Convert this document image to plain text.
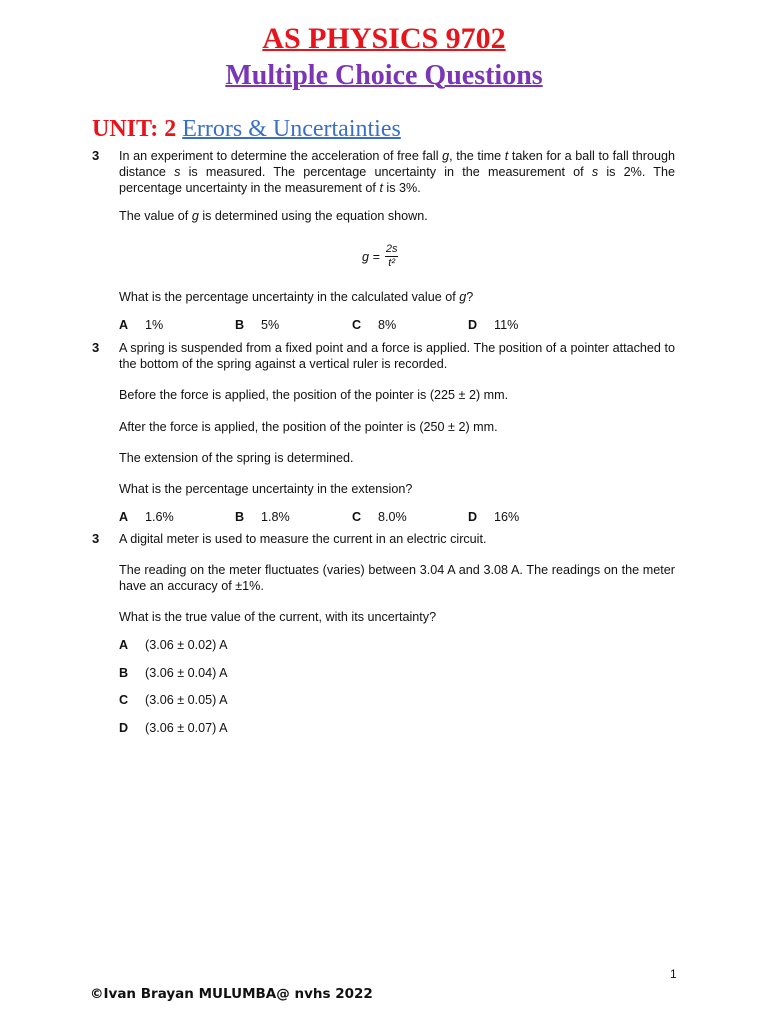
AS PHYSICS 9702
Multiple Choice Questions
UNIT: 2 Errors & Uncertainties
3 In an experiment to determine the acceleration of free fall g, the time t taken for a ball to fall through distance s is measured. The percentage uncertainty in the measurement of s is 2%. The percentage uncertainty in the measurement of t is 3%.
The value of g is determined using the equation shown.
$g = \frac{2s}{\text{t²}}$
What is the percentage uncertainty in the calculated value of g?
A 1%	B 5%	C 8%	D 11%
3 A spring is suspended from a fixed point and a force is applied. The position of a pointer attached to the bottom of the spring against a vertical ruler is recorded.
Before the force is applied, the position of the pointer is (225 ± 2) mm.
After the force is applied, the position of the pointer is (250 ± 2) mm.
The extension of the spring is determined.
What is the percentage uncertainty in the extension?
A 1.6%	B 1.8%	C 8.0%	D 16%
3 A digital meter is used to measure the current in an electric circuit.
The reading on the meter fluctuates (varies) between 3.04 A and 3.08 A. The readings on the meter have an accuracy of ±1%.
What is the true value of the current, with its uncertainty?
A (3.06 ± 0.02) A
B (3.06 ± 0.04) A
C (3.06 ± 0.05) A
D (3.06 ± 0.07) A
1
©Ivan Brayan MULUMBA@ nvhs 2022
